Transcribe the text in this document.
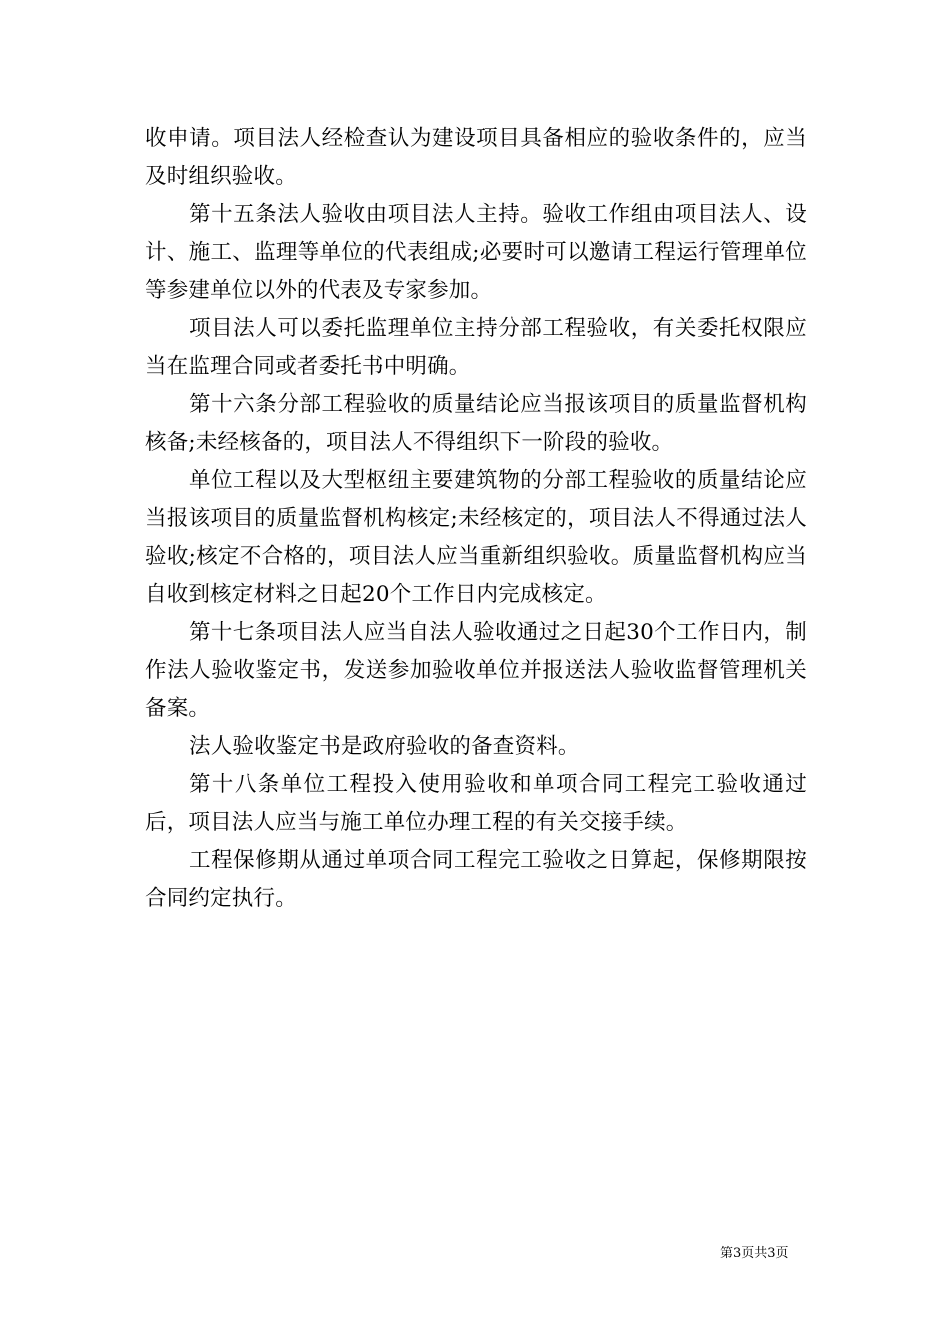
收申请。项目法人经检查认为建设项目具备相应的验收条件的，应当及时组织验收。

第十五条法人验收由项目法人主持。验收工作组由项目法人、设计、施工、监理等单位的代表组成;必要时可以邀请工程运行管理单位等参建单位以外的代表及专家参加。

项目法人可以委托监理单位主持分部工程验收，有关委托权限应当在监理合同或者委托书中明确。

第十六条分部工程验收的质量结论应当报该项目的质量监督机构核备;未经核备的，项目法人不得组织下一阶段的验收。

单位工程以及大型枢纽主要建筑物的分部工程验收的质量结论应当报该项目的质量监督机构核定;未经核定的，项目法人不得通过法人验收;核定不合格的，项目法人应当重新组织验收。质量监督机构应当自收到核定材料之日起20个工作日内完成核定。

第十七条项目法人应当自法人验收通过之日起30个工作日内，制作法人验收鉴定书，发送参加验收单位并报送法人验收监督管理机关备案。

法人验收鉴定书是政府验收的备查资料。

第十八条单位工程投入使用验收和单项合同工程完工验收通过后，项目法人应当与施工单位办理工程的有关交接手续。

工程保修期从通过单项合同工程完工验收之日算起，保修期限按合同约定执行。

第3页共3页
